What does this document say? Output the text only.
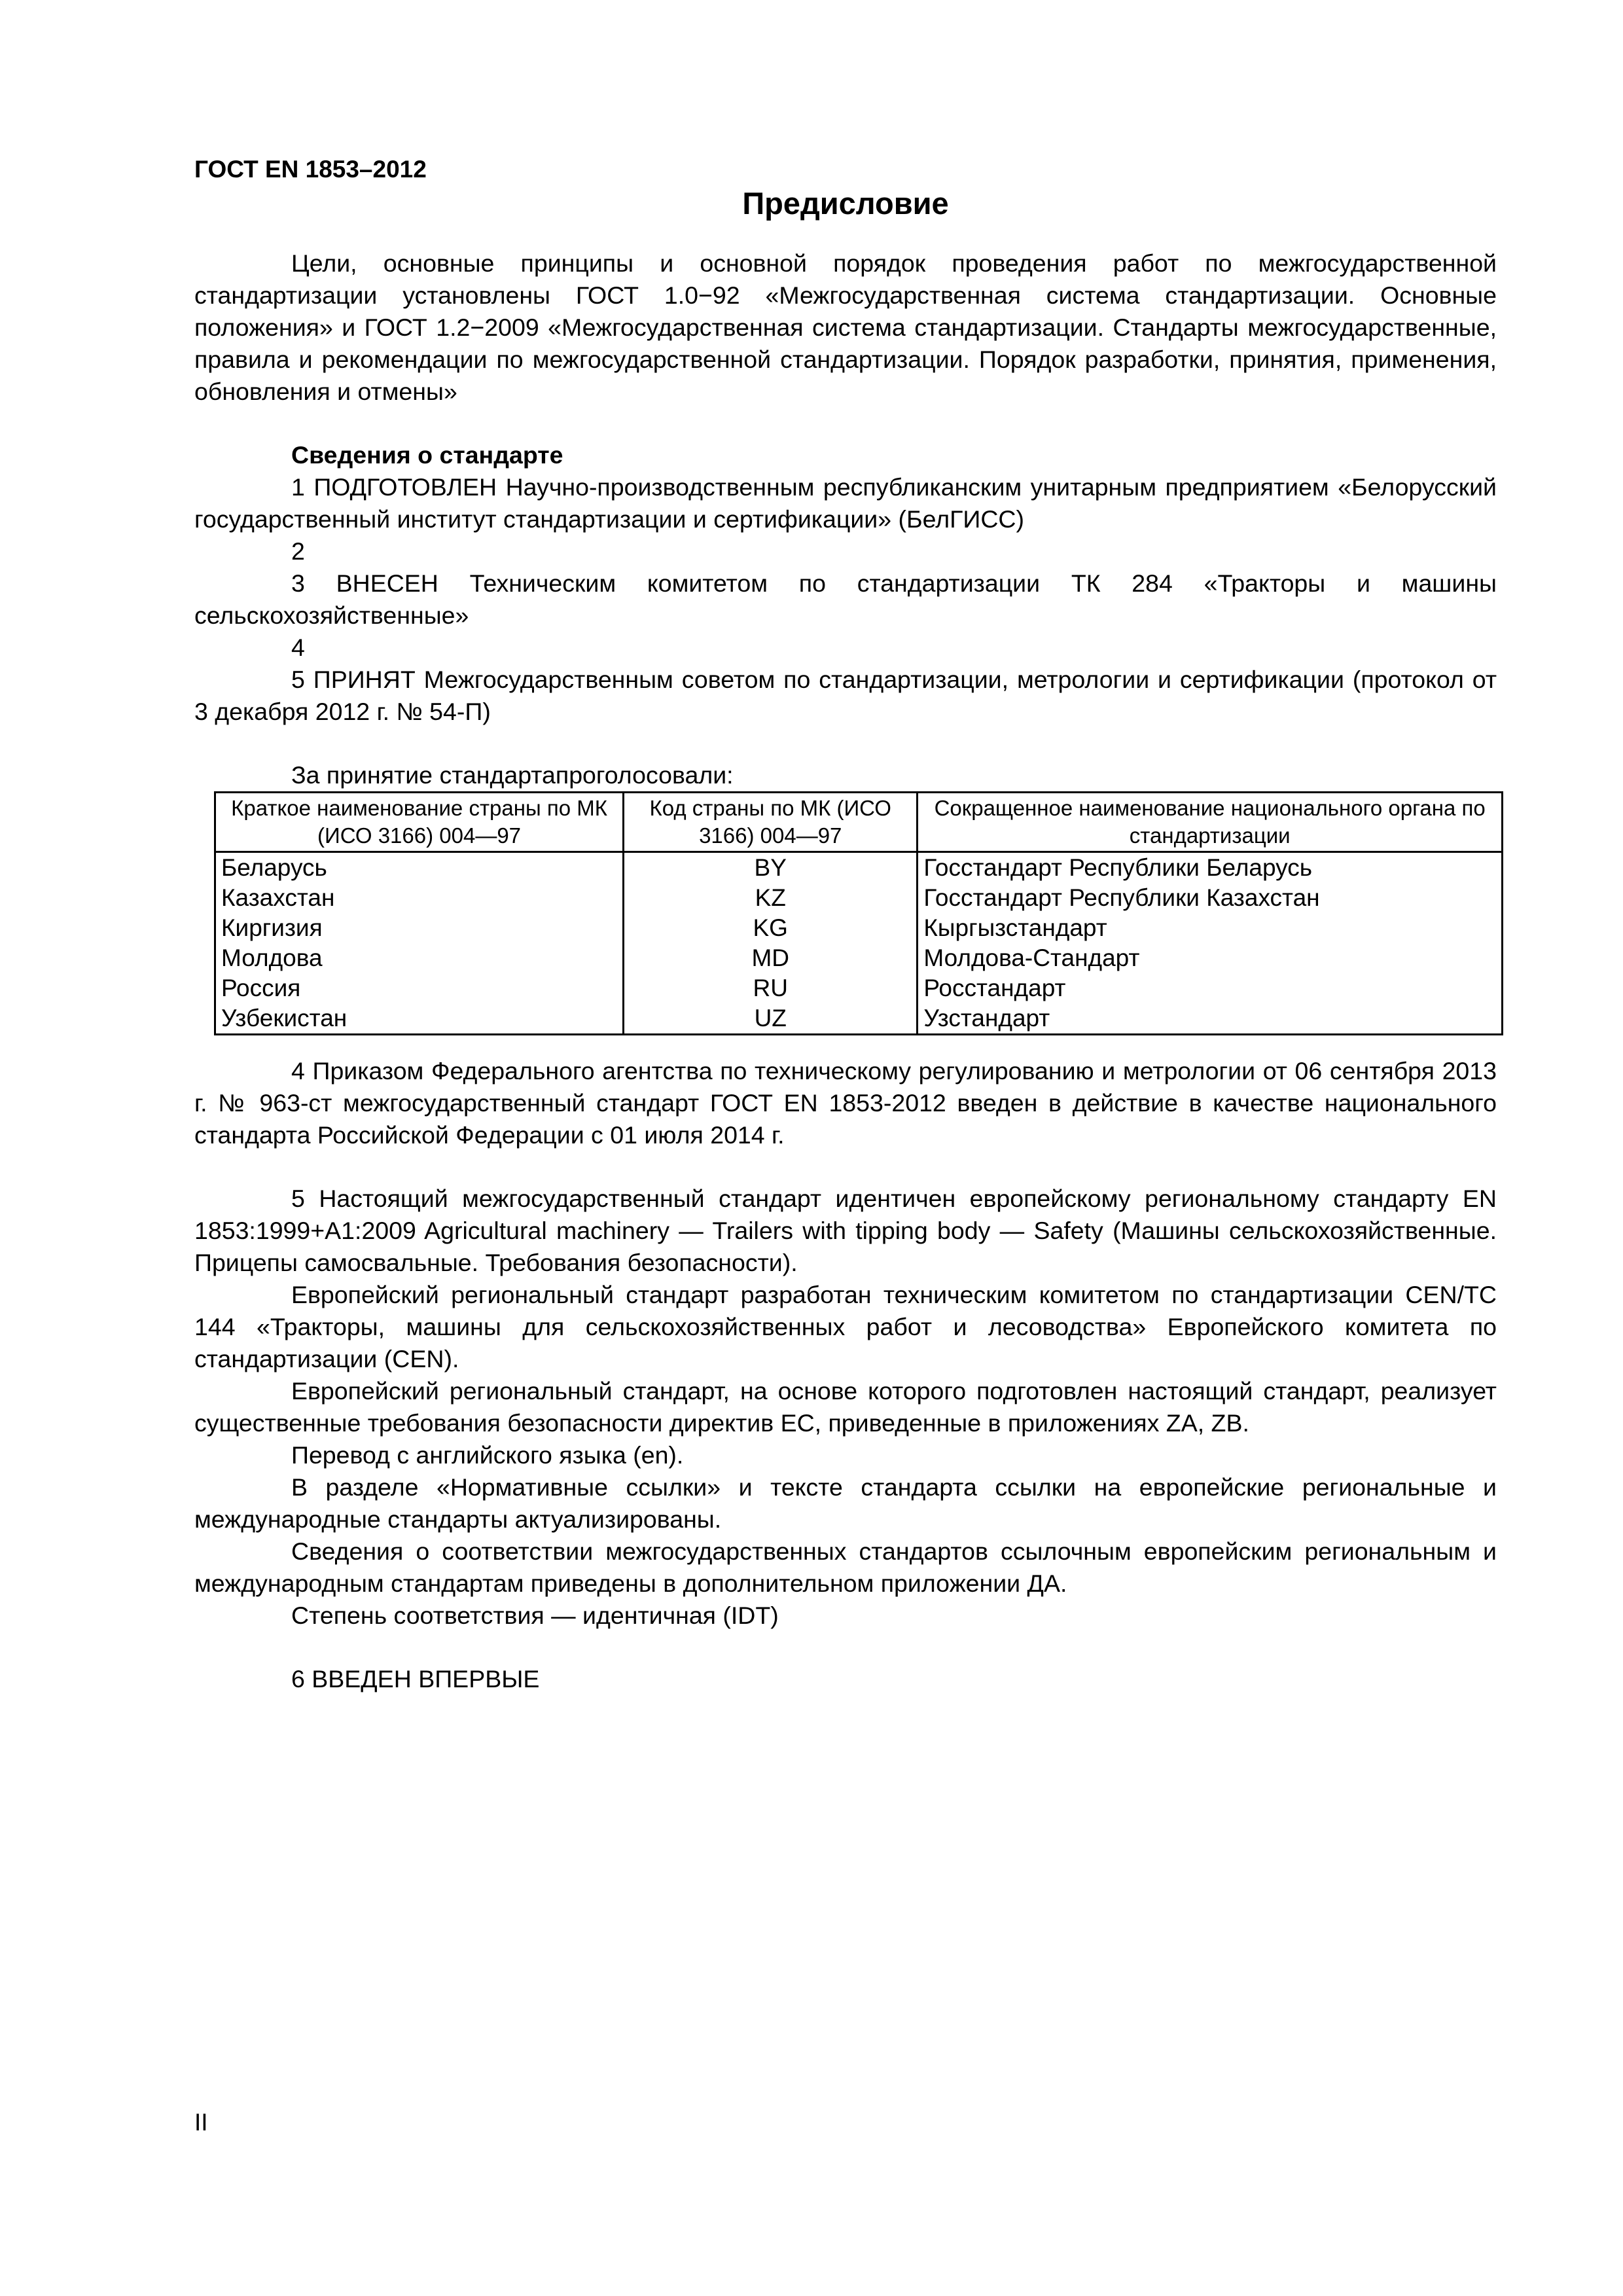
ГОСТ EN 1853–2012
Предисловие

Цели, основные принципы и основной порядок проведения работ по межгосударственной стандартизации установлены ГОСТ 1.0−92 «Межгосударственная система стандартизации. Основные положения» и ГОСТ 1.2−2009 «Межгосударственная система стандартизации. Стандарты межгосударственные, правила и рекомендации по межгосударственной стандартизации. Порядок разработки, принятия, применения, обновления и отмены»

Сведения о стандарте

1 ПОДГОТОВЛЕН Научно-производственным республиканским унитарным предприятием «Белорусский государственный институт стандартизации и сертификации» (БелГИСС)

2

3 ВНЕСЕН Техническим комитетом по стандартизации ТК 284 «Тракторы и машины сельскохозяйственные»

4

5 ПРИНЯТ Межгосударственным советом по стандартизации, метрологии и сертификации (протокол от 3 декабря 2012 г. № 54-П)

За принятие стандартапроголосовали:

Краткое наименование страны по МК (ИСО 3166) 004—97	Код страны по МК (ИСО 3166) 004—97	Сокращенное наименование национального органа по стандартизации
Беларусь	BY	Госстандарт Республики Беларусь
Казахстан	KZ	Госстандарт Республики Казахстан
Киргизия	KG	Кыргызстандарт
Молдова	MD	Молдова-Стандарт
Россия	RU	Росстандарт
Узбекистан	UZ	Узстандарт

4 Приказом Федерального агентства по техническому регулированию и метрологии от 06 сентября 2013 г. № 963-ст межгосударственный стандарт ГОСТ EN 1853-2012 введен в действие в качестве национального стандарта Российской Федерации с 01 июля 2014 г.

5 Настоящий межгосударственный стандарт идентичен европейскому региональному стандарту EN 1853:1999+A1:2009 Agricultural machinery — Trailers with tipping body — Safety (Машины сельскохозяйственные. Прицепы самосвальные. Требования безопасности).

Европейский региональный стандарт разработан техническим комитетом по стандартизации CEN/TC 144 «Тракторы, машины для сельскохозяйственных работ и лесоводства» Европейского комитета по стандартизации (CEN).

Европейский региональный стандарт, на основе которого подготовлен настоящий стандарт, реализует существенные требования безопасности директив ЕС, приведенные в приложениях ZA, ZB.

Перевод с английского языка (en).

В разделе «Нормативные ссылки» и тексте стандарта ссылки на европейские региональные и международные стандарты актуализированы.

Сведения о соответствии межгосударственных стандартов ссылочным европейским региональным и международным стандартам приведены в дополнительном приложении ДА.

Степень соответствия — идентичная (IDT)

6 ВВЕДЕН ВПЕРВЫЕ

II
